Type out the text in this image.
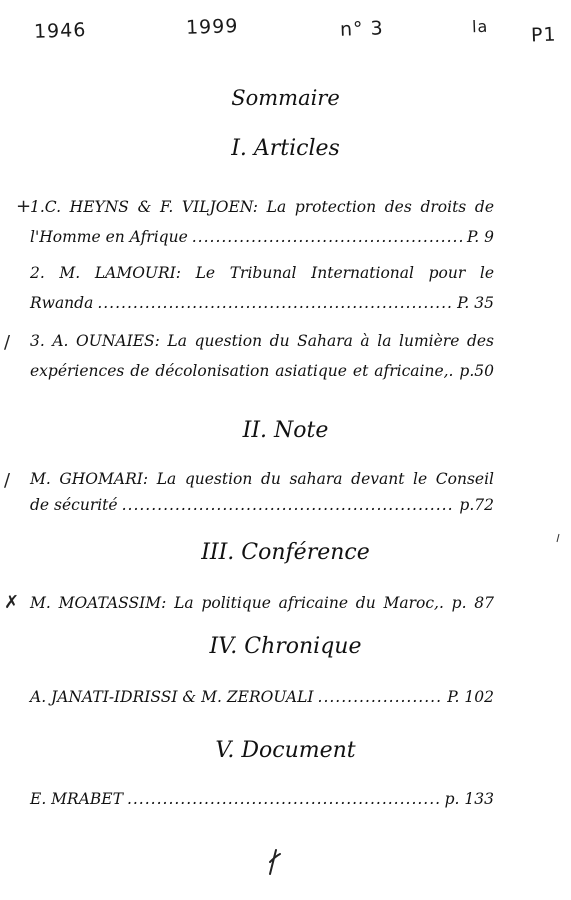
1946	1999	n° 3	la P1
Sommaire
I. Articles
+
1.C. HEYNS & F. VILJOEN: La protection des droits de
l'Homme en Afrique .....	P. 9
2. M. LAMOURI: Le Tribunal International pour le
Rwanda .....	P. 35
/ 3. A. OUNAIES: La question du Sahara à la lumière des
expériences de décolonisation asiatique et africaine,. p.50
II. Note
/ M. GHOMARI: La question du sahara devant le Conseil
de sécurité .....	p.72
III. Conférence
✗ M. MOATASSIM: La politique africaine du Maroc,. p. 87
IV. Chronique
A. JANATI-IDRISSI & M. ZEROUALI .....	P. 102
V. Document
E. MRABET .....	p. 133
